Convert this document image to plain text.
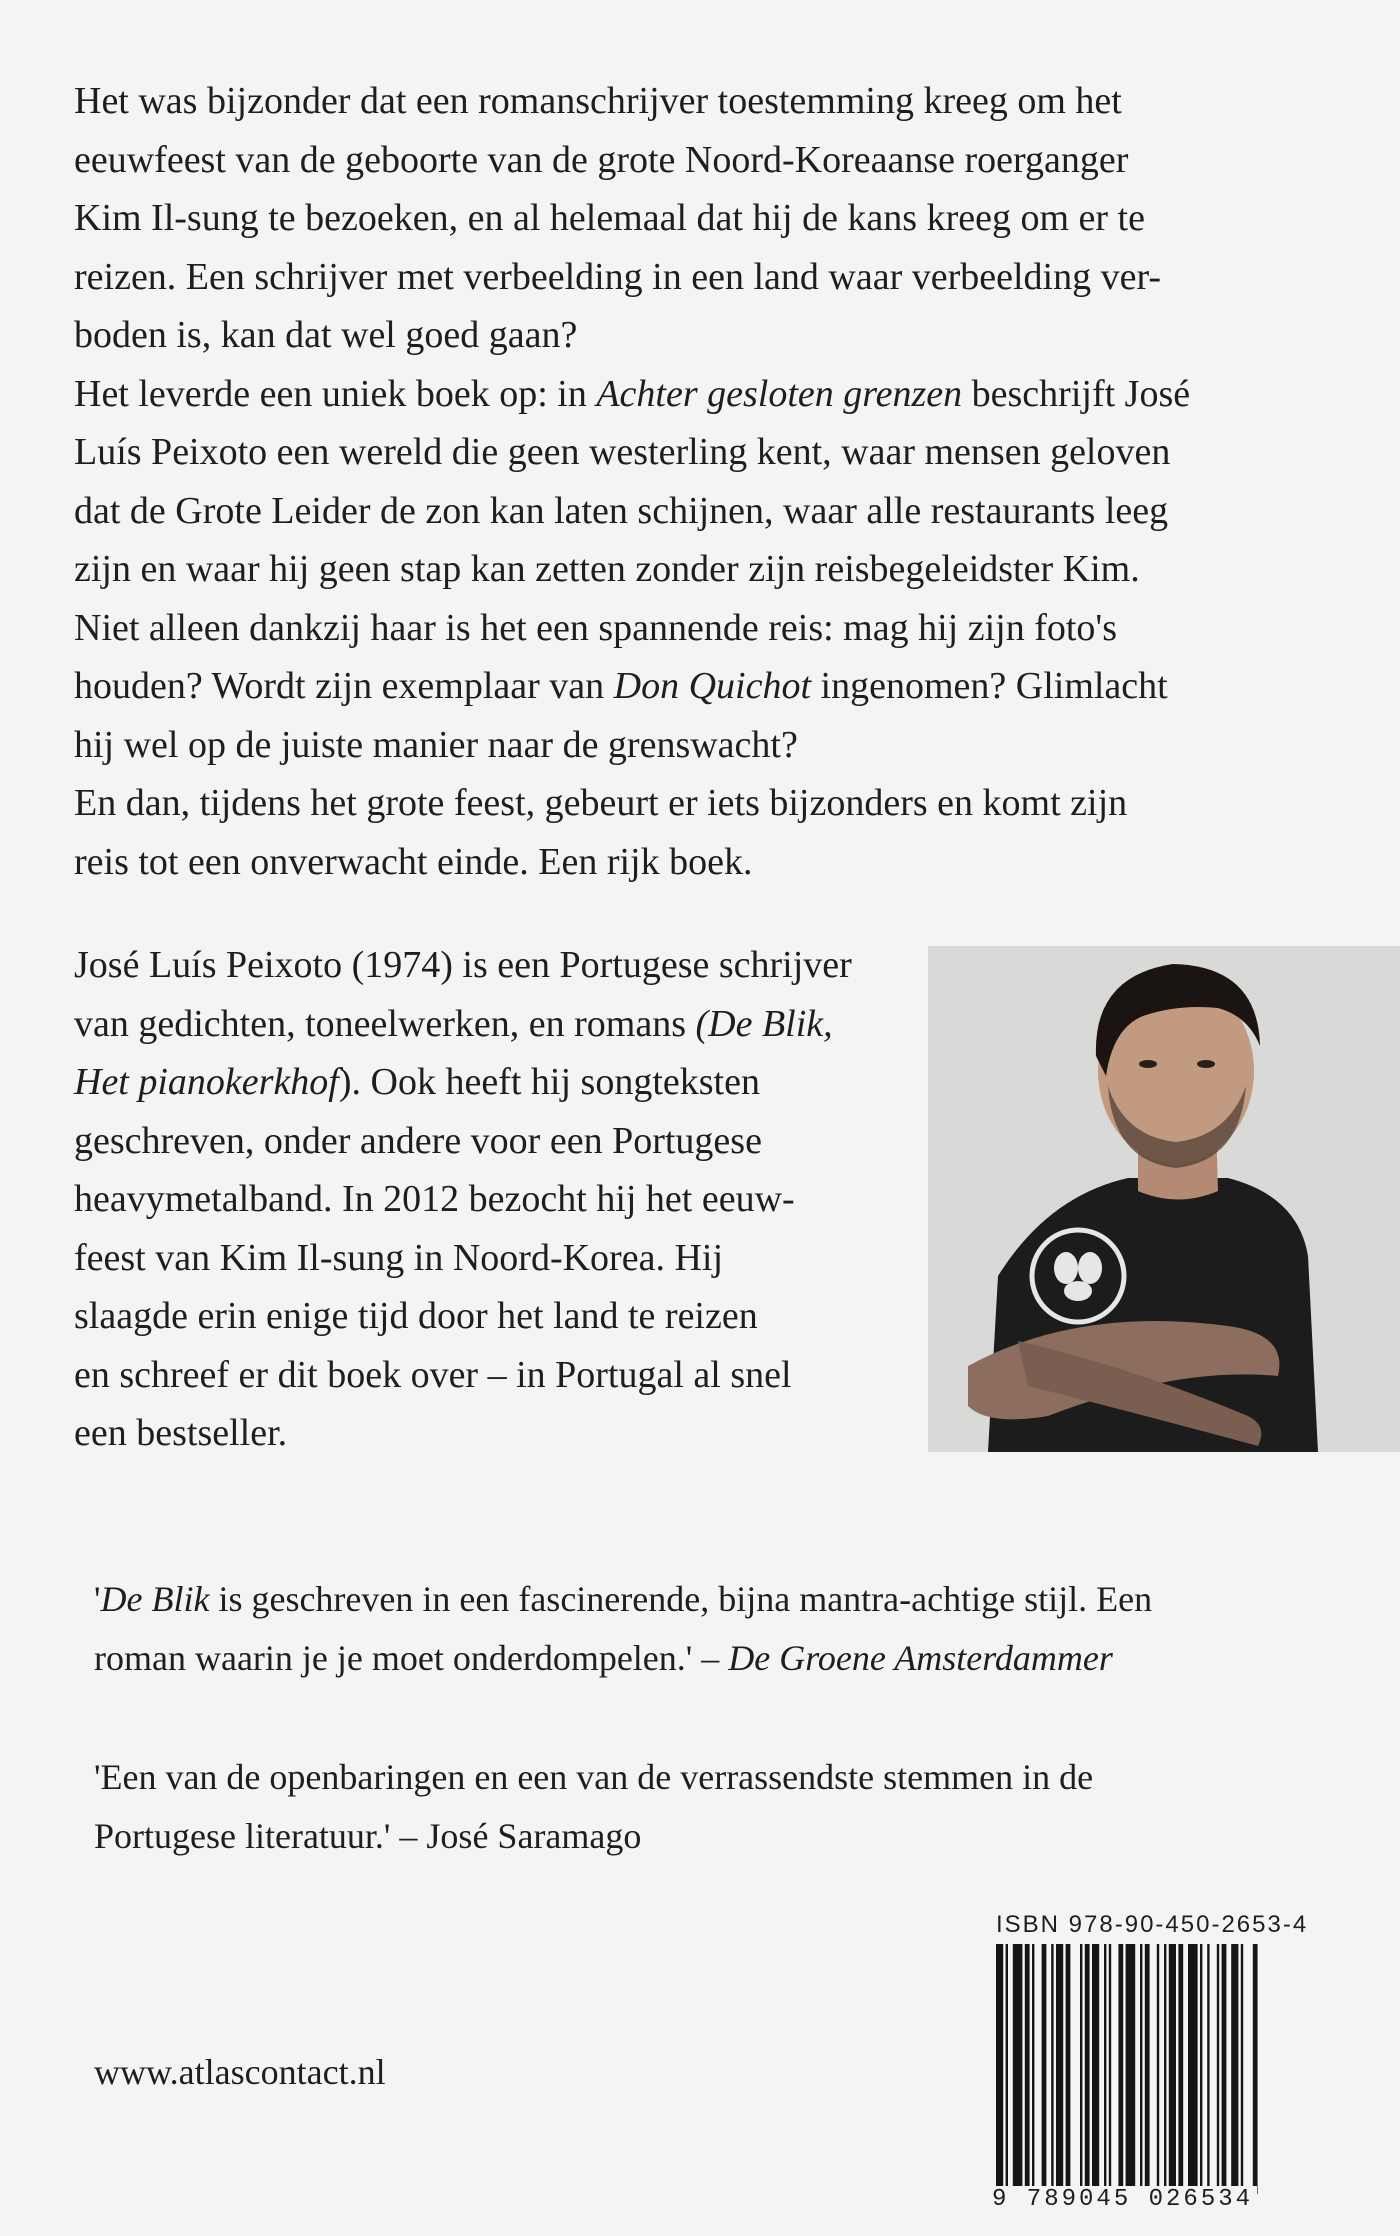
Het was bijzonder dat een romanschrijver toestemming kreeg om het

eeuwfeest van de geboorte van de grote Noord-Koreaanse roerganger

Kim Il-sung te bezoeken, en al helemaal dat hij de kans kreeg om er te

reizen. Een schrijver met verbeelding in een land waar verbeelding ver-

boden is, kan dat wel goed gaan?

Het leverde een uniek boek op: in Achter gesloten grenzen beschrijft José

Luís Peixoto een wereld die geen westerling kent, waar mensen geloven

dat de Grote Leider de zon kan laten schijnen, waar alle restaurants leeg

zijn en waar hij geen stap kan zetten zonder zijn reisbegeleidster Kim.

Niet alleen dankzij haar is het een spannende reis: mag hij zijn foto's

houden? Wordt zijn exemplaar van Don Quichot ingenomen? Glimlacht

hij wel op de juiste manier naar de grenswacht?

En dan, tijdens het grote feest, gebeurt er iets bijzonders en komt zijn

reis tot een onverwacht einde. Een rijk boek.

José Luís Peixoto (1974) is een Portugese schrijver

van gedichten, toneelwerken, en romans (De Blik,

Het pianokerkhof). Ook heeft hij songteksten

geschreven, onder andere voor een Portugese

heavymetalband. In 2012 bezocht hij het eeuw-

feest van Kim Il-sung in Noord-Korea. Hij

slaagde erin enige tijd door het land te reizen

en schreef er dit boek over – in Portugal al snel

een bestseller.

'De Blik is geschreven in een fascinerende, bijna mantra-achtige stijl. Een

roman waarin je je moet onderdompelen.' – De Groene Amsterdammer

'Een van de openbaringen en een van de verrassendste stemmen in de

Portugese literatuur.' – José Saramago

ISBN 978-90-450-2653-4
9 789045 026534
www.atlascontact.nl
